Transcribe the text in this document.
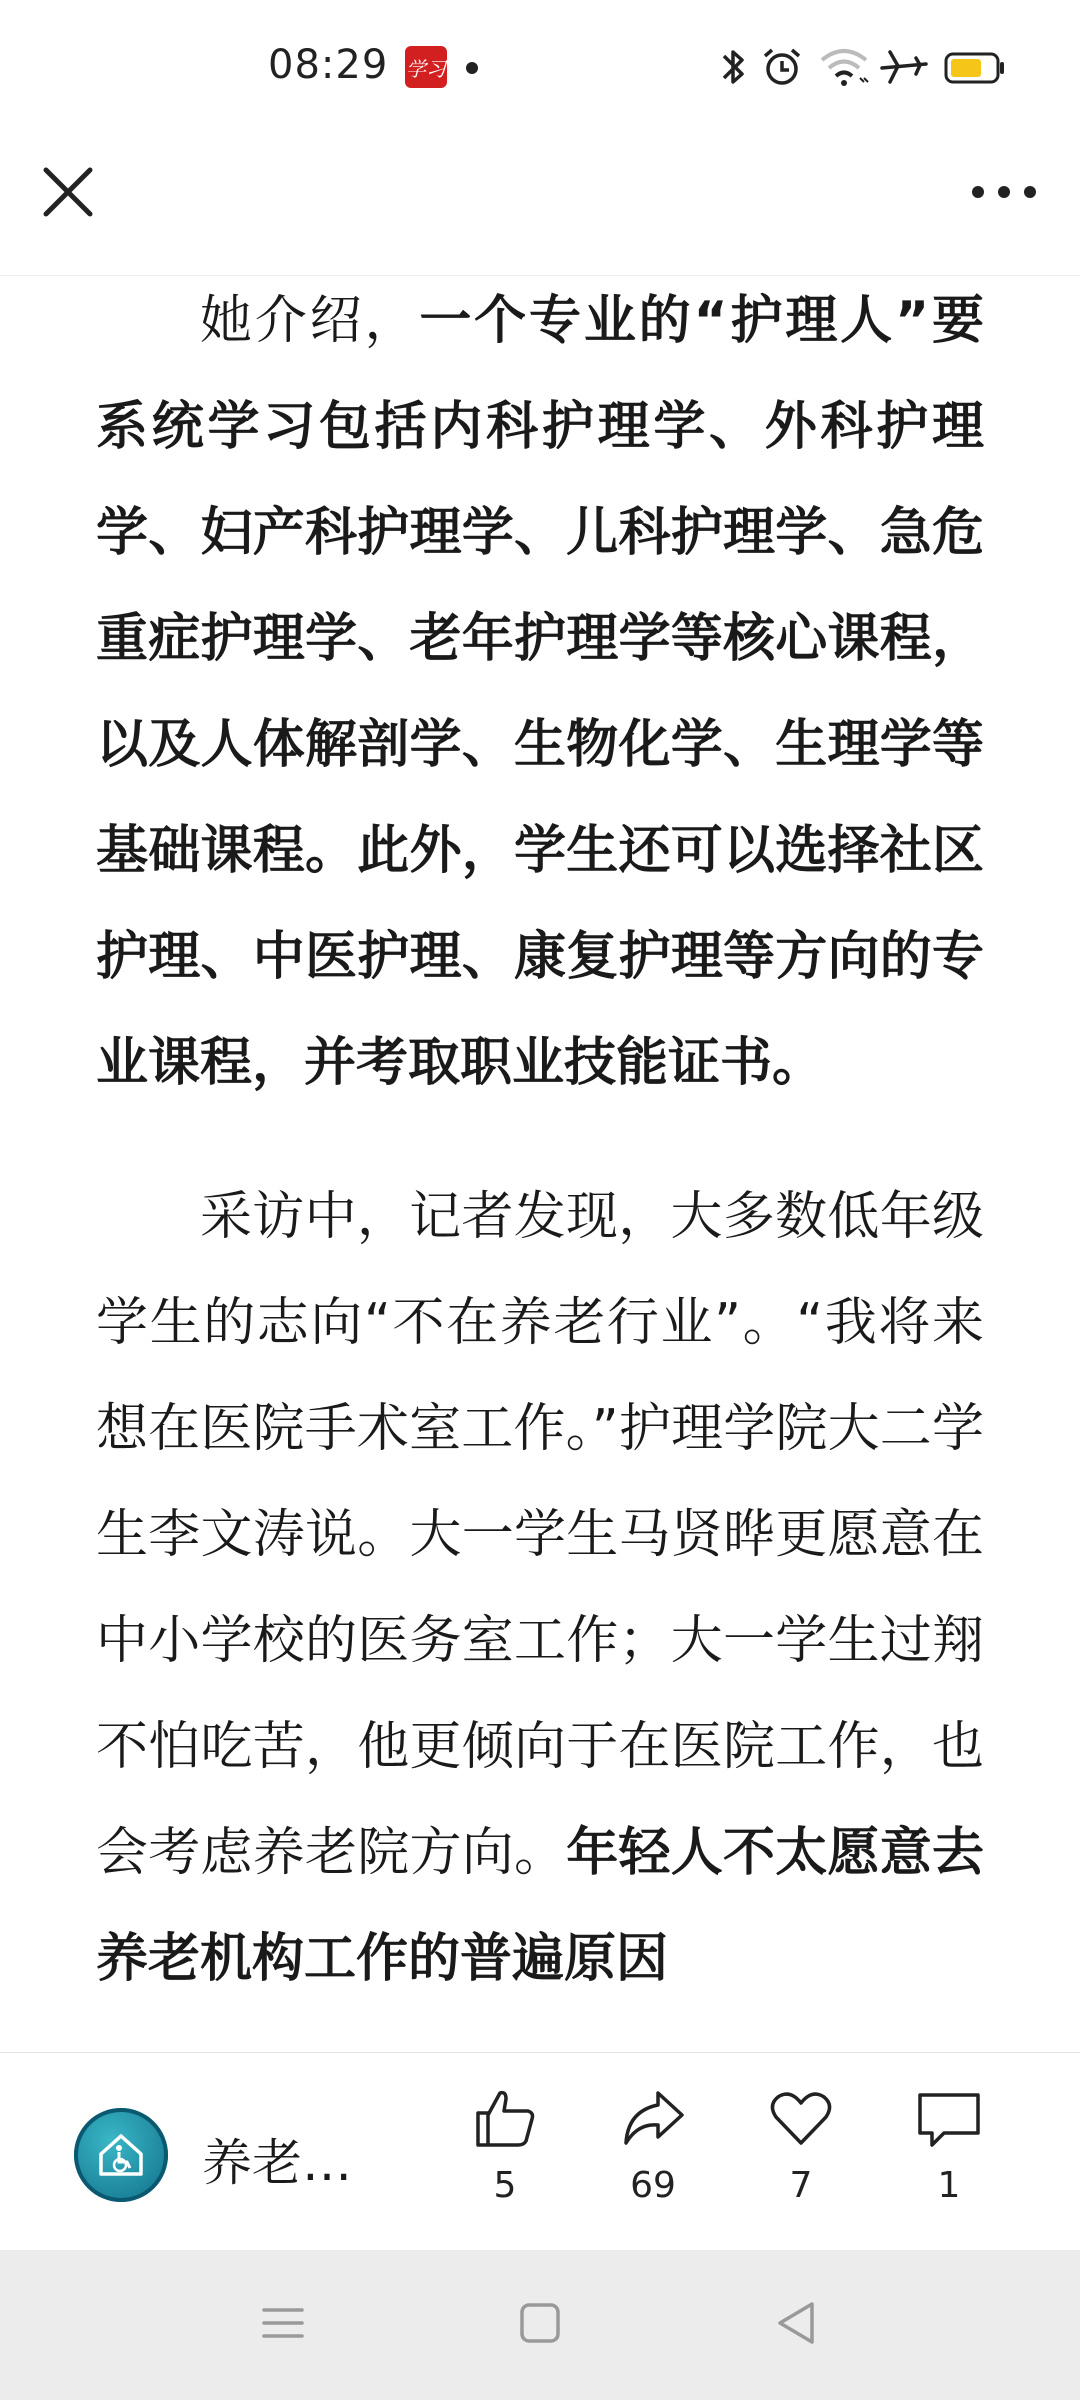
08:29 学习

她介绍，一个专业的“护理人”要系统学习包括内科护理学、外科护理学、妇产科护理学、儿科护理学、急危重症护理学、老年护理学等核心课程，以及人体解剖学、生物化学、生理学等基础课程。此外，学生还可以选择社区护理、中医护理、康复护理等方向的专业课程，并考取职业技能证书。

采访中，记者发现，大多数低年级学生的志向“不在养老行业”。“我将来想在医院手术室工作。”护理学院大二学生李文涛说。大一学生马贤晔更愿意在中小学校的医务室工作；大一学生过翔不怕吃苦，他更倾向于在医院工作，也会考虑养老院方向。年轻人不太愿意去养老机构工作的普遍原因

养老…	5	69	7	1
